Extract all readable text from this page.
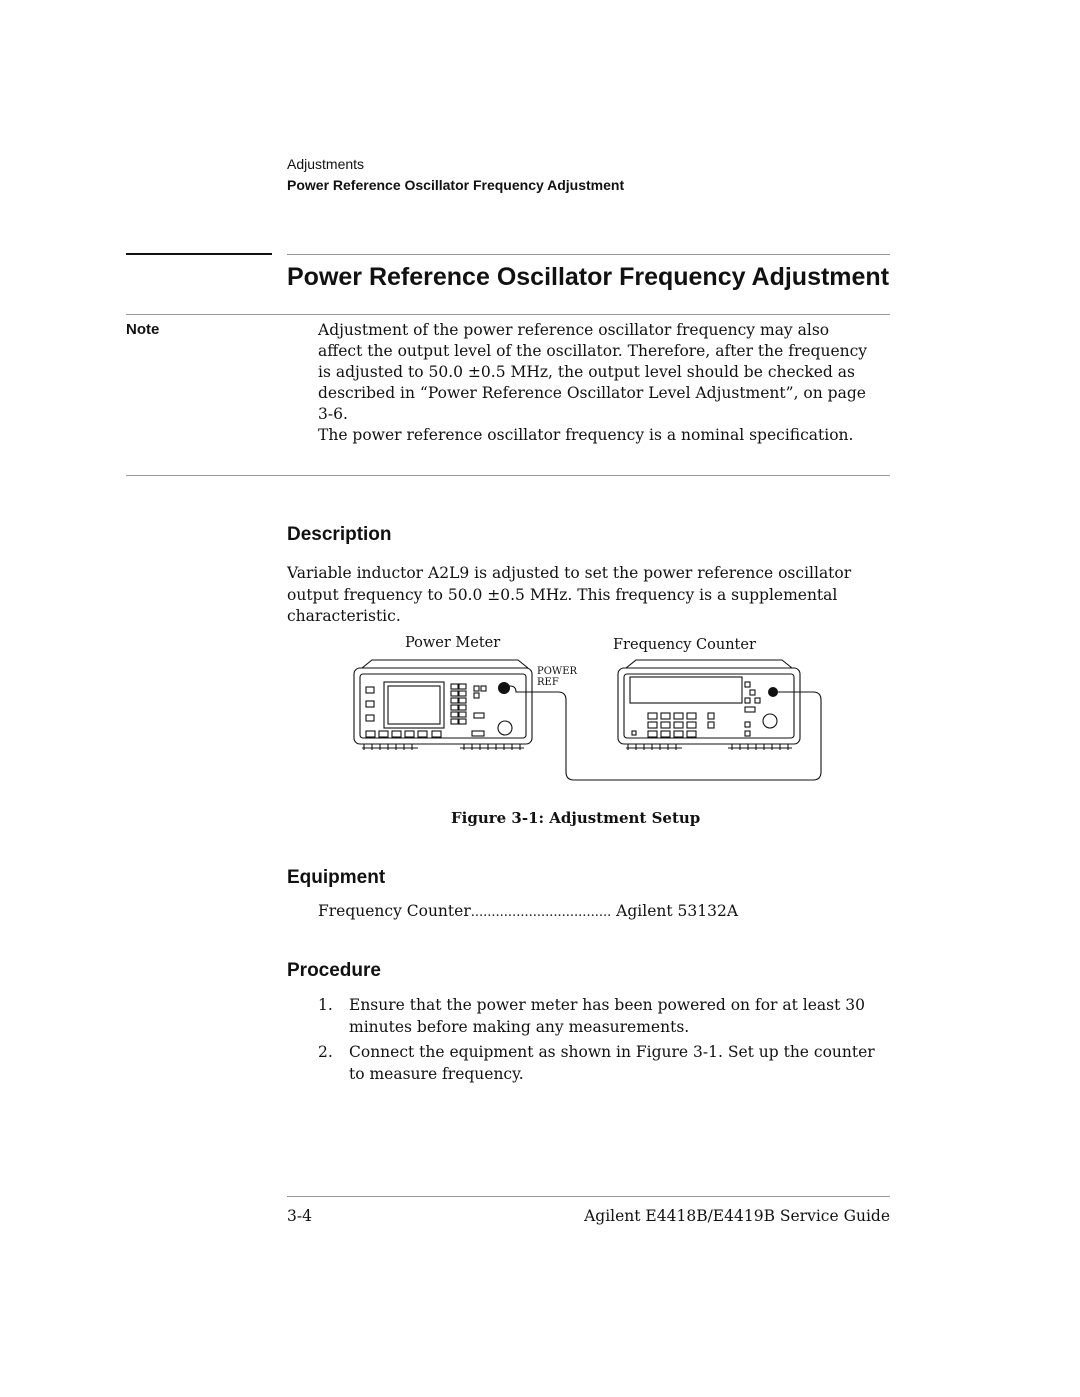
Adjustments
Power Reference Oscillator Frequency Adjustment
Power Reference Oscillator Frequency Adjustment
Note	Adjustment of the power reference oscillator frequency may also affect the output level of the oscillator. Therefore, after the frequency is adjusted to 50.0 ±0.5 MHz, the output level should be checked as described in “Power Reference Oscillator Level Adjustment”, on page 3-6.

The power reference oscillator frequency is a nominal specification.

Description

Variable inductor A2L9 is adjusted to set the power reference oscillator output frequency to 50.0 ±0.5 MHz. This frequency is a supplemental characteristic.

Power Meter	Frequency Counter
POWER
REF
Figure 3-1: Adjustment Setup
Equipment
Frequency Counter.................................. Agilent 53132A
Procedure
1. Ensure that the power meter has been powered on for at least 30 minutes before making any measurements.
2. Connect the equipment as shown in Figure 3-1. Set up the counter to measure frequency.
3-4	Agilent E4418B/E4419B Service Guide
